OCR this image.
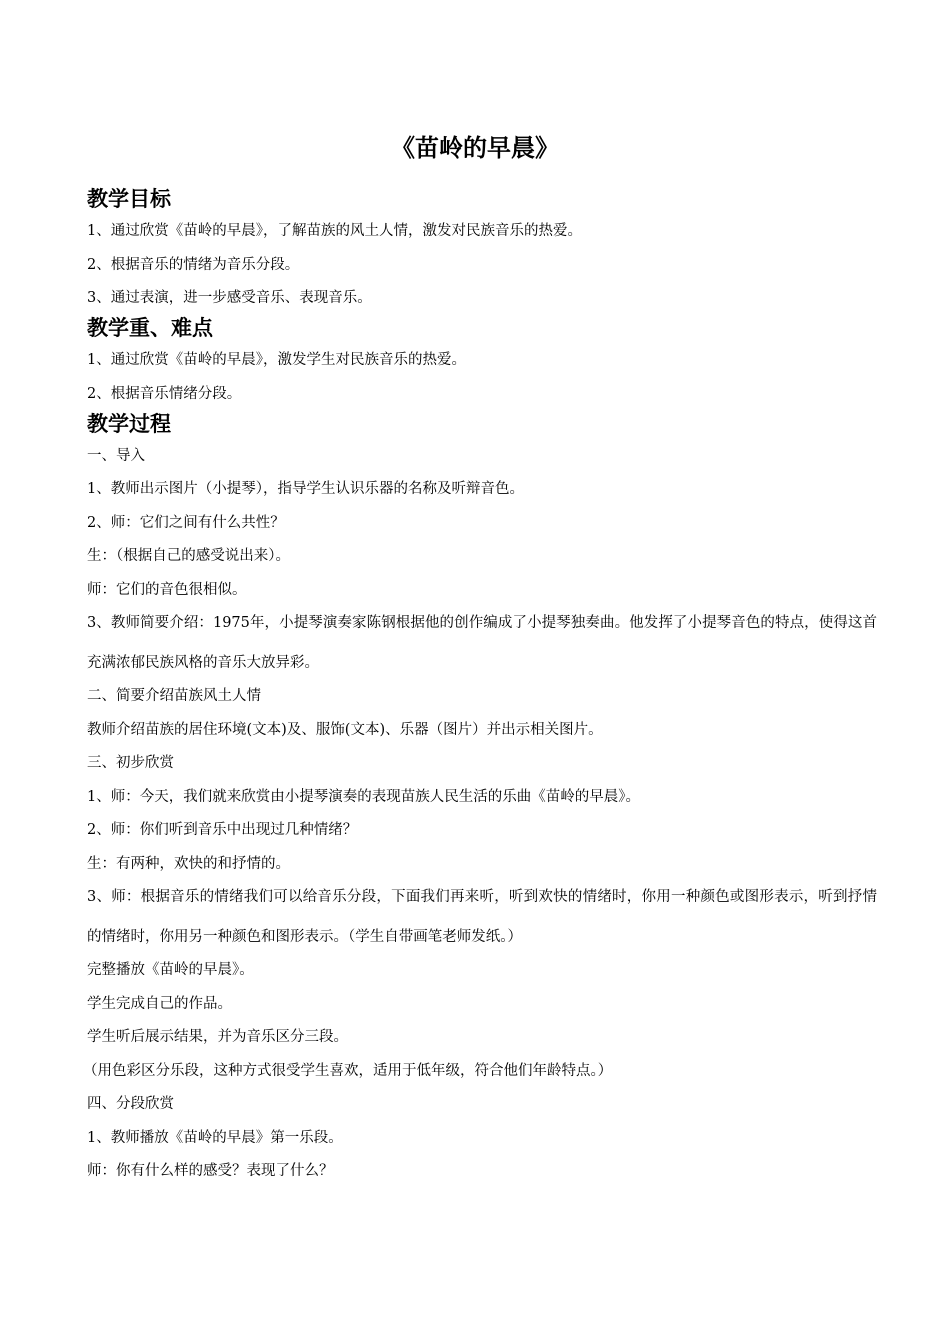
《苗岭的早晨》
教学目标

1、通过欣赏《苗岭的早晨》，了解苗族的风土人情，激发对民族音乐的热爱。

2、根据音乐的情绪为音乐分段。

3、通过表演，进一步感受音乐、表现音乐。

教学重、难点

1、通过欣赏《苗岭的早晨》，激发学生对民族音乐的热爱。

2、根据音乐情绪分段。

教学过程

一、导入

1、教师出示图片（小提琴），指导学生认识乐器的名称及听辩音色。

2、师：它们之间有什么共性？

生：（根据自己的感受说出来）。

师：它们的音色很相似。

3、教师简要介绍：1975年，小提琴演奏家陈钢根据他的创作编成了小提琴独奏曲。他发挥了小提琴音色的特点，使得这首充满浓郁民族风格的音乐大放异彩。

二、简要介绍苗族风土人情

教师介绍苗族的居住环境(文本)及、服饰(文本)、乐器（图片）并出示相关图片。

三、初步欣赏

1、师：今天，我们就来欣赏由小提琴演奏的表现苗族人民生活的乐曲《苗岭的早晨》。

2、师：你们听到音乐中出现过几种情绪？

生：有两种，欢快的和抒情的。

3、师：根据音乐的情绪我们可以给音乐分段，下面我们再来听，听到欢快的情绪时，你用一种颜色或图形表示，听到抒情的情绪时，你用另一种颜色和图形表示。（学生自带画笔老师发纸。）

完整播放《苗岭的早晨》。

学生完成自己的作品。

学生听后展示结果，并为音乐区分三段。

（用色彩区分乐段，这种方式很受学生喜欢，适用于低年级，符合他们年龄特点。）

四、分段欣赏

1、教师播放《苗岭的早晨》第一乐段。

师：你有什么样的感受？表现了什么？
